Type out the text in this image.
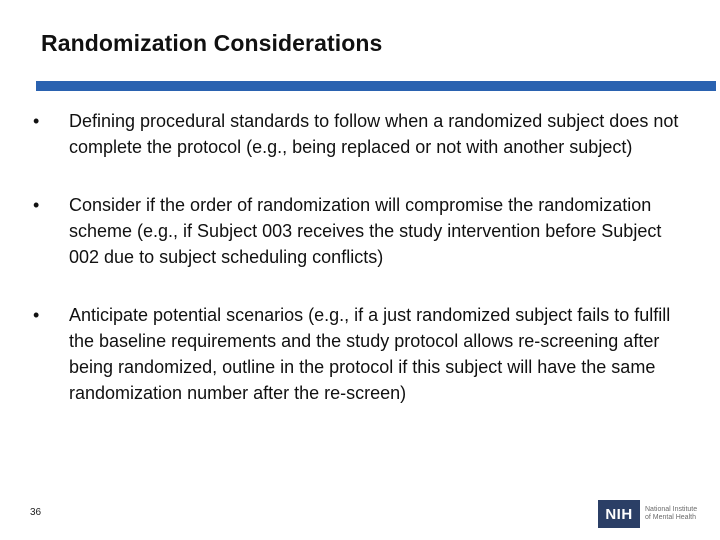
Randomization Considerations
•	Defining procedural standards to follow when a randomized subject does not complete the protocol (e.g., being replaced or not with another subject)
•	Consider if the order of randomization will compromise the randomization scheme (e.g., if Subject 003 receives the study intervention before Subject 002 due to subject scheduling conflicts)
•	Anticipate potential scenarios (e.g., if a just randomized subject fails to fulfill the baseline requirements and the study protocol allows re-screening after being randomized, outline in the protocol if this subject will have the same randomization number after the re-screen)
36	NIH	National Institute
of Mental Health
